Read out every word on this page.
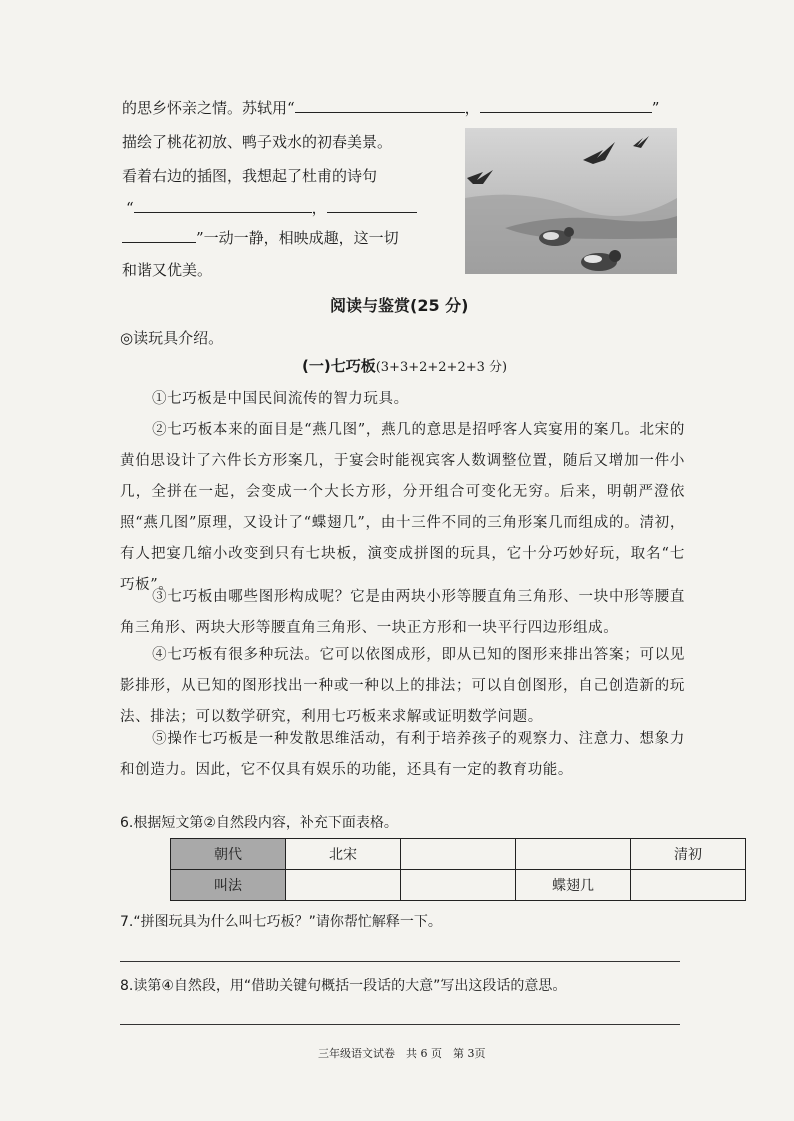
的思乡怀亲之情。苏轼用“	，	”
描绘了桃花初放、鸭子戏水的初春美景。
看着右边的插图，我想起了杜甫的诗句
“	，
”一动一静，相映成趣，这一切
和谐又优美。
阅读与鉴赏(25 分)
◎读玩具介绍。
(一)七巧板(3+3+2+2+2+3 分)
①七巧板是中国民间流传的智力玩具。
②七巧板本来的面目是“燕几图”，燕几的意思是招呼客人宾宴用的案几。北宋的黄伯思设计了六件长方形案几，于宴会时能视宾客人数调整位置，随后又增加一件小几，全拼在一起，会变成一个大长方形，分开组合可变化无穷。后来，明朝严澄依照“燕几图”原理，又设计了“蝶翅几”，由十三件不同的三角形案几而组成的。清初，有人把宴几缩小改变到只有七块板，演变成拼图的玩具，它十分巧妙好玩，取名“七巧板”。
③七巧板由哪些图形构成呢？它是由两块小形等腰直角三角形、一块中形等腰直角三角形、两块大形等腰直角三角形、一块正方形和一块平行四边形组成。
④七巧板有很多种玩法。它可以依图成形，即从已知的图形来排出答案；可以见影排形，从已知的图形找出一种或一种以上的排法；可以自创图形，自己创造新的玩法、排法；可以数学研究，利用七巧板来求解或证明数学问题。
⑤操作七巧板是一种发散思维活动，有利于培养孩子的观察力、注意力、想象力和创造力。因此，它不仅具有娱乐的功能，还具有一定的教育功能。
6.根据短文第②自然段内容，补充下面表格。
朝代	北宋			清初
叫法			蝶翅几	
7.“拼图玩具为什么叫七巧板？”请你帮忙解释一下。
8.读第④自然段，用“借助关键句概括一段话的大意”写出这段话的意思。
三年级语文试卷　共 6 页　第 3页
